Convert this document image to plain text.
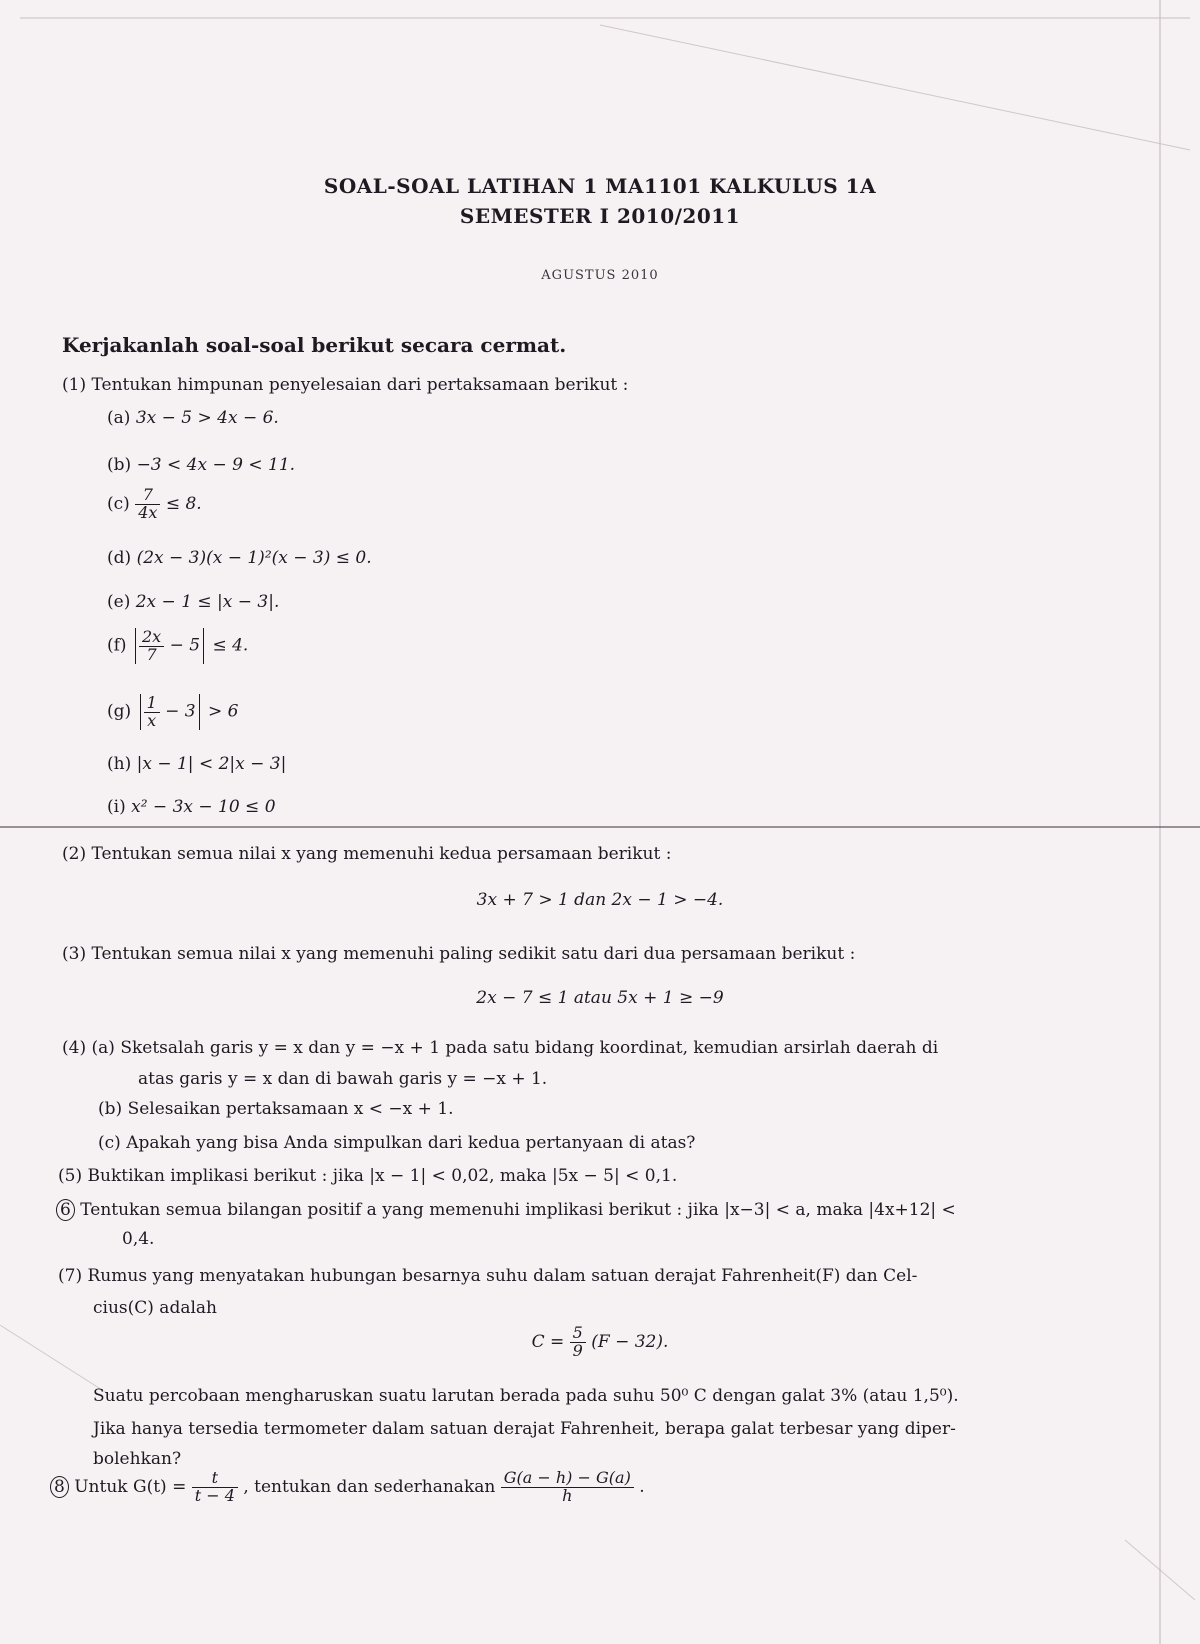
SOAL-SOAL LATIHAN 1 MA1101 KALKULUS 1A
SEMESTER I 2010/2011
AGUSTUS 2010
Kerjakanlah soal-soal berikut secara cermat.
(1) Tentukan himpunan penyelesaian dari pertaksamaan berikut :
(a) 3x − 5 > 4x − 6.
(b) −3 < 4x − 9 < 11.
$(c) \frac{7}{4x} \le 8$.
(d) (2x − 3)(x − 1)²(x − 3) ≤ 0.
(e) 2x − 1 ≤ |x − 3|.
$(f) \frac{2x}{7} - 5 \le 4$.
$(g) \frac{1}{x} - 3 > 6$
(h) |x − 1| < 2|x − 3|
(i) x² − 3x − 10 ≤ 0
(2) Tentukan semua nilai x yang memenuhi kedua persamaan berikut :
3x + 7 > 1 dan 2x − 1 > −4.
(3) Tentukan semua nilai x yang memenuhi paling sedikit satu dari dua persamaan berikut :
2x − 7 ≤ 1 atau 5x + 1 ≥ −9
(4) (a) Sketsalah garis y = x dan y = −x + 1 pada satu bidang koordinat, kemudian arsirlah daerah di
atas garis y = x dan di bawah garis y = −x + 1.
(b) Selesaikan pertaksamaan x < −x + 1.
(c) Apakah yang bisa Anda simpulkan dari kedua pertanyaan di atas?
(5) Buktikan implikasi berikut : jika |x − 1| < 0,02, maka |5x − 5| < 0,1.
6 Tentukan semua bilangan positif a yang memenuhi implikasi berikut : jika |x−3| < a, maka |4x+12| <
0,4.
(7) Rumus yang menyatakan hubungan besarnya suhu dalam satuan derajat Fahrenheit(F) dan Cel-
cius(C) adalah
$C = \frac{5}{9} (F - 32)$.
Suatu percobaan mengharuskan suatu larutan berada pada suhu 50⁰ C dengan galat 3% (atau 1,5⁰).
Jika hanya tersedia termometer dalam satuan derajat Fahrenheit, berapa galat terbesar yang diper-
bolehkan?
8 Untuk $G(t) = \frac{t}{t - 4}$ , tentukan dan sederhanakan $\frac{G(a - h) - G(a)}{h}$ .
